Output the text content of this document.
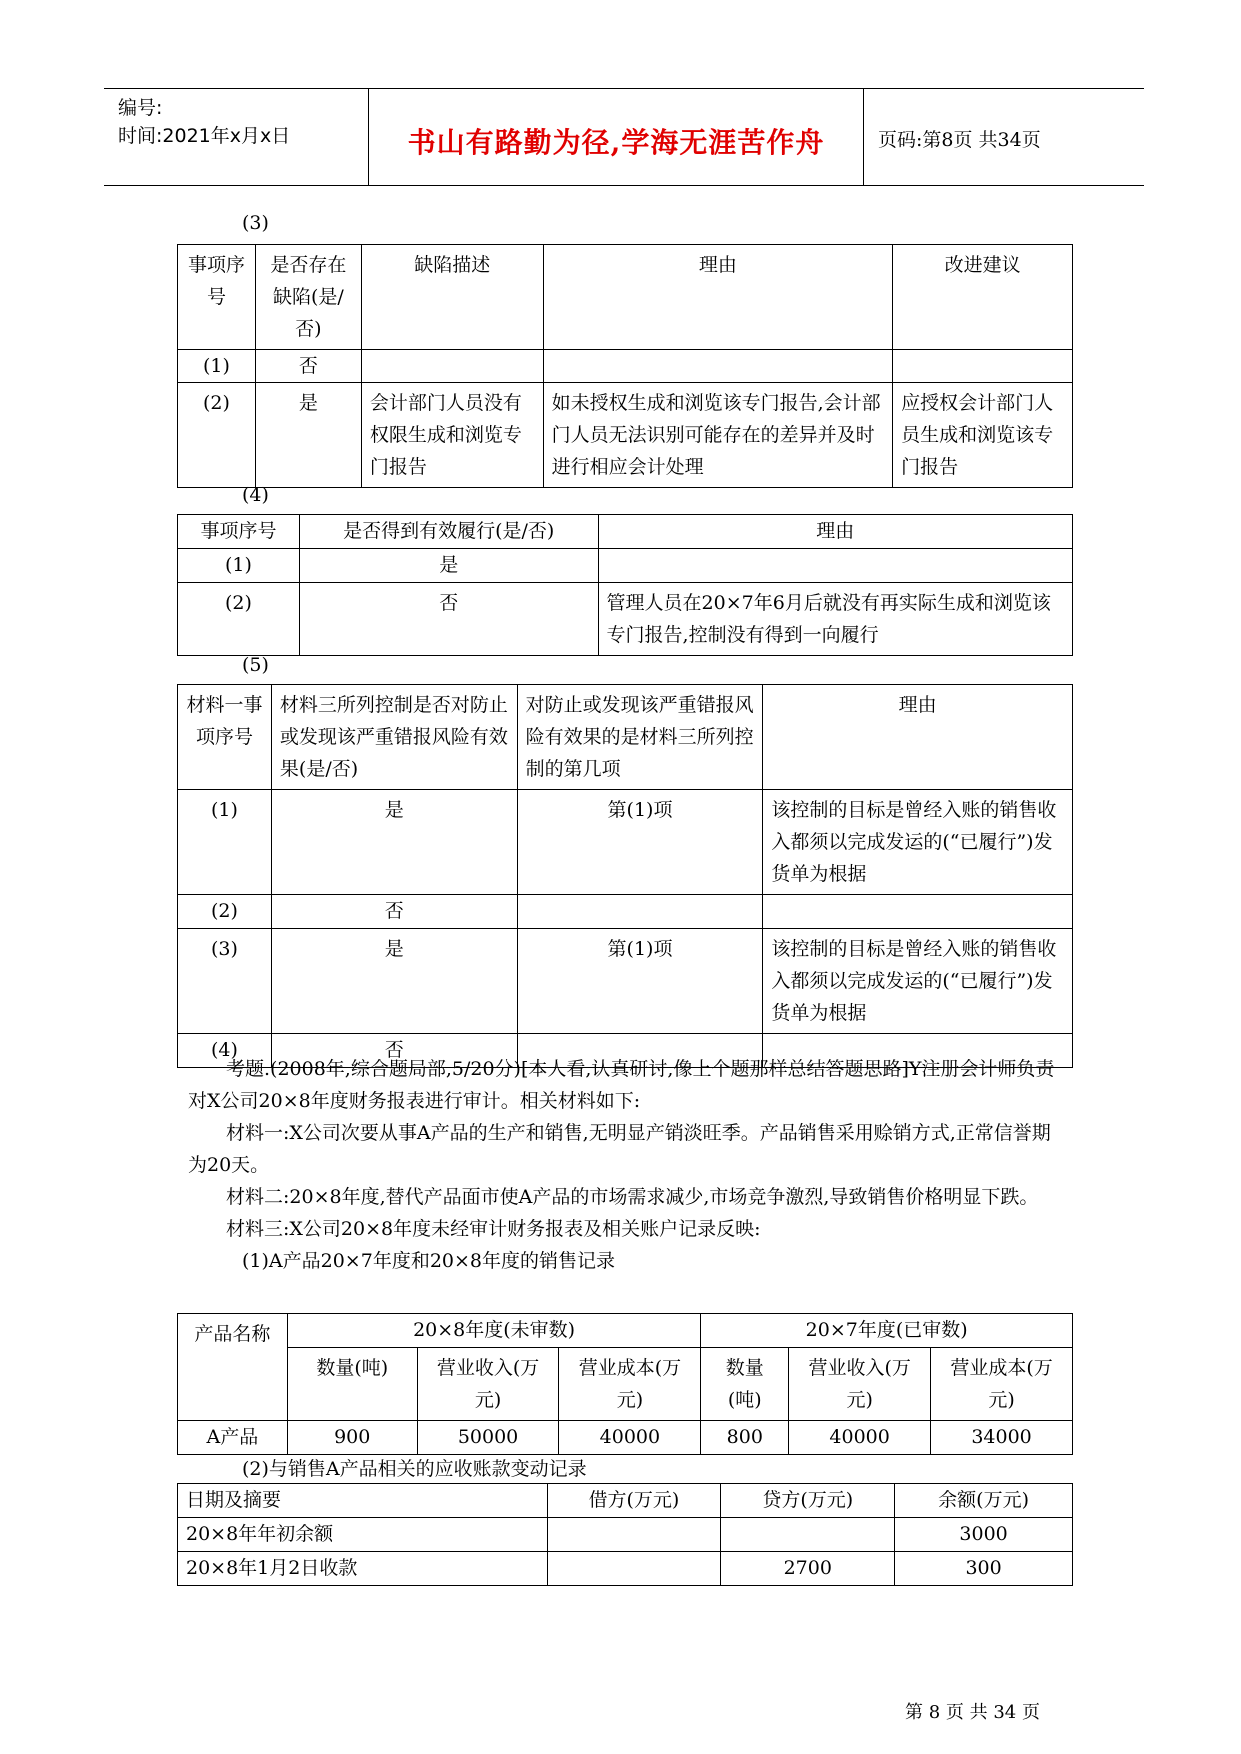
编号:
时间:2021年x月x日	书山有路勤为径,学海无涯苦作舟	页码:第8页 共34页
(3)
事项序号	是否存在缺陷(是/否)	缺陷描述	理由	改进建议
(1)	否			
(2)	是	会计部门人员没有权限生成和浏览专门报告	如未授权生成和浏览该专门报告,会计部门人员无法识别可能存在的差异并及时进行相应会计处理	应授权会计部门人员生成和浏览该专门报告
(4)
事项序号	是否得到有效履行(是/否)	理由
(1)	是	
(2)	否	管理人员在20×7年6月后就没有再实际生成和浏览该专门报告,控制没有得到一向履行
(5)
材料一事项序号	材料三所列控制是否对防止或发现该严重错报风险有效果(是/否)	对防止或发现该严重错报风险有效果的是材料三所列控制的第几项	理由
(1)	是	第(1)项	该控制的目标是曾经入账的销售收入都须以完成发运的(“已履行”)发货单为根据
(2)	否		
(3)	是	第(1)项	该控制的目标是曾经入账的销售收入都须以完成发运的(“已履行”)发货单为根据
(4)	否		

考题.(2008年,综合题局部,5/20分)[本人看,认真研讨,像上个题那样总结答题思路]Y注册会计师负责对X公司20×8年度财务报表进行审计。相关材料如下:

材料一:X公司次要从事A产品的生产和销售,无明显产销淡旺季。产品销售采用赊销方式,正常信誉期为20天。

材料二:20×8年度,替代产品面市使A产品的市场需求减少,市场竞争激烈,导致销售价格明显下跌。

材料三:X公司20×8年度未经审计财务报表及相关账户记录反映:

(1)A产品20×7年度和20×8年度的销售记录

产品名称	20×8年度(未审数)			20×7年度(已审数)		
	数量(吨)	营业收入(万元)	营业成本(万元)	数量(吨)	营业收入(万元)	营业成本(万元)
A产品	900	50000	40000	800	40000	34000
(2)与销售A产品相关的应收账款变动记录
日期及摘要	借方(万元)	贷方(万元)	余额(万元)
20×8年年初余额			3000
20×8年1月2日收款		2700	300
第 8 页 共 34 页
